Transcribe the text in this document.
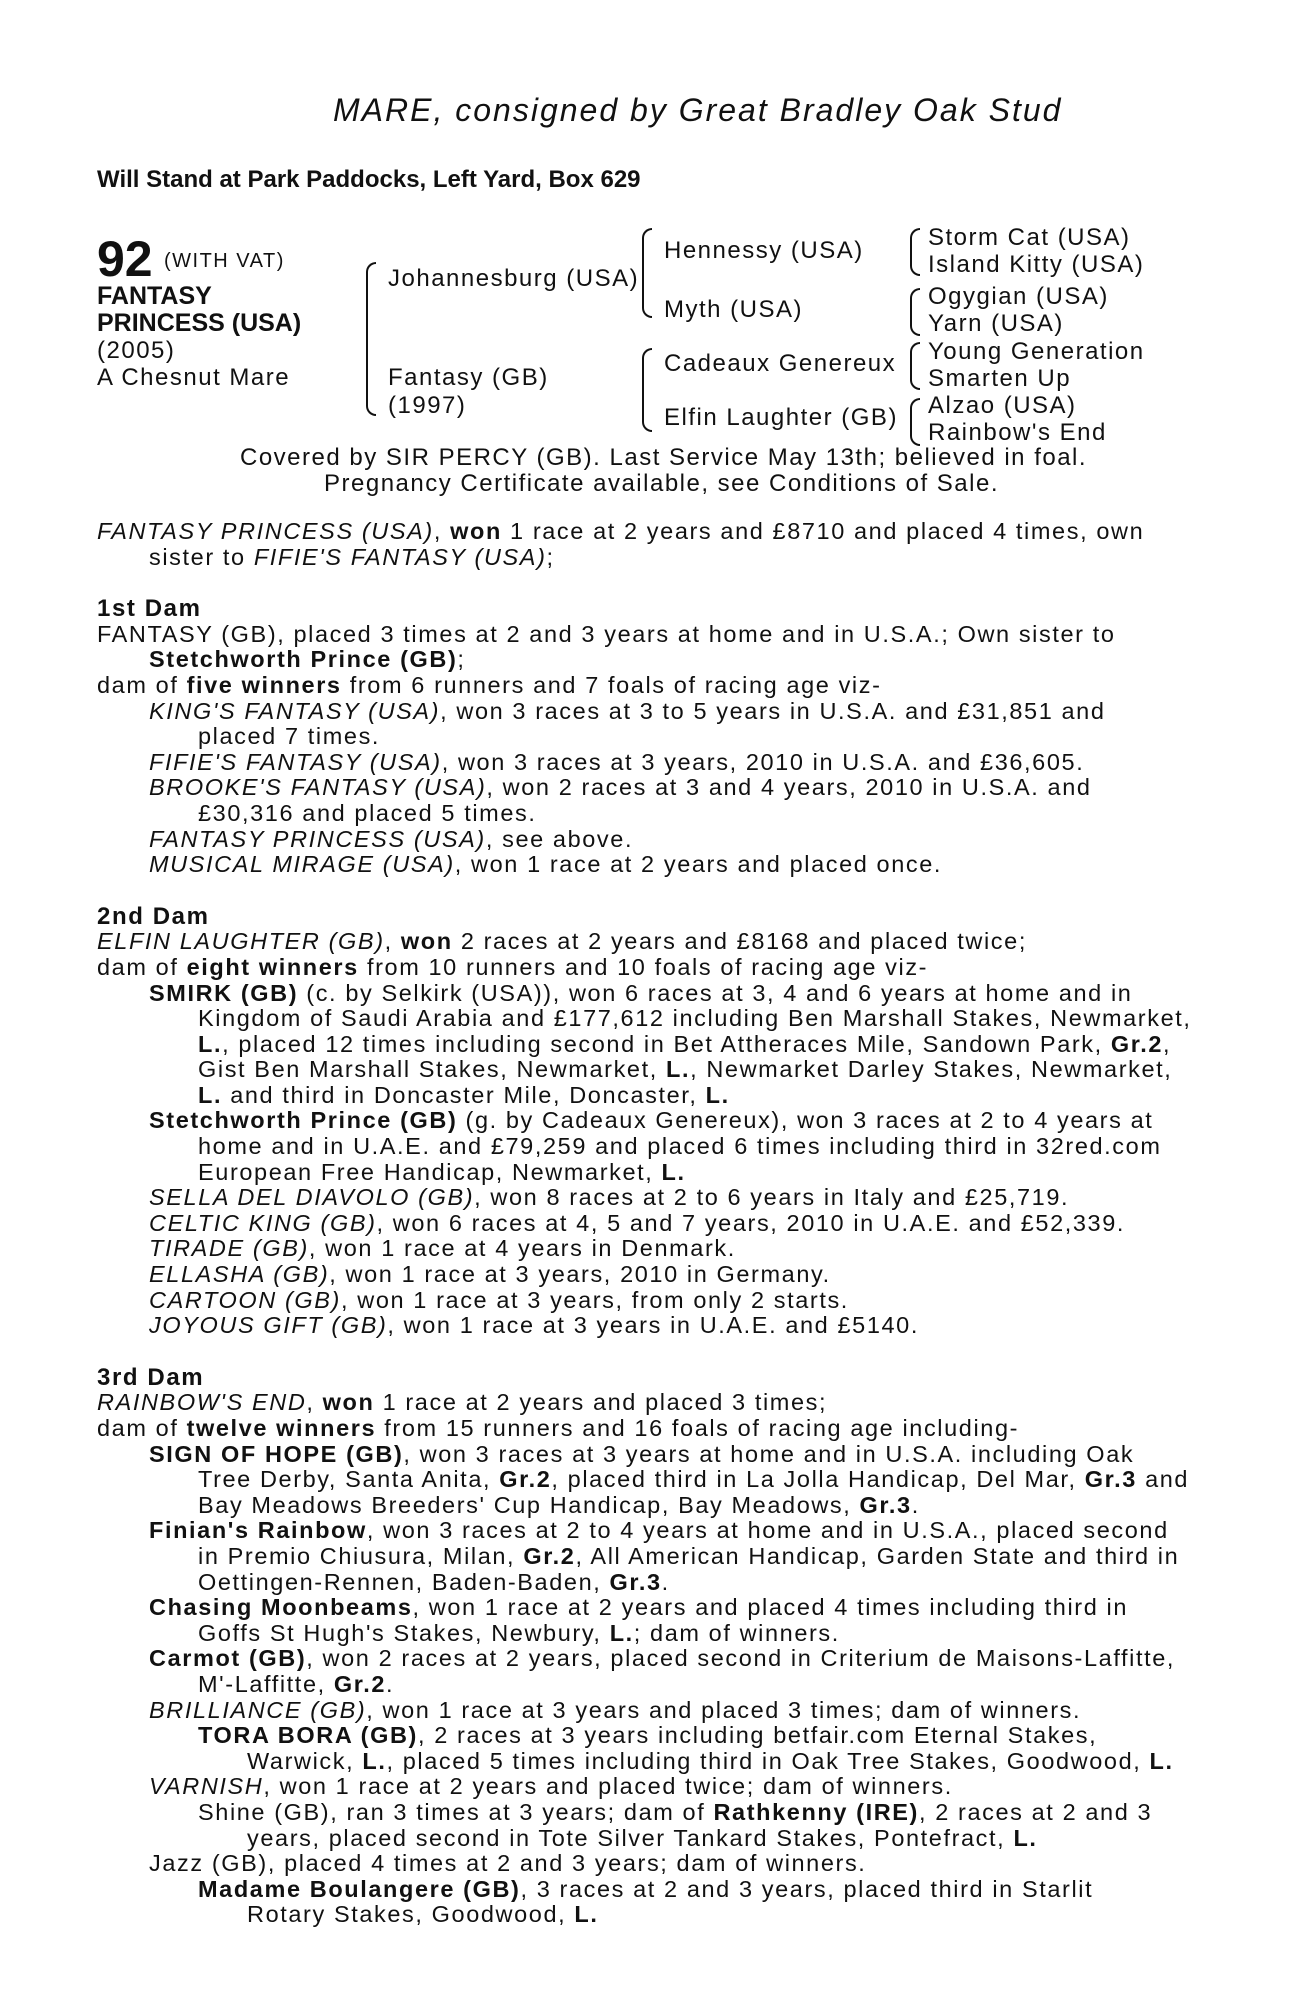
MARE, consigned by Great Bradley Oak Stud
Will Stand at Park Paddocks, Left Yard, Box 629
92 (WITH VAT)
FANTASY
PRINCESS (USA)
(2005)
A Chesnut Mare
Johannesburg (USA)
Fantasy (GB)
(1997)
Hennessy (USA)
Myth (USA)
Cadeaux Genereux
Elfin Laughter (GB)
Storm Cat (USA)
Island Kitty (USA)
Ogygian (USA)
Yarn (USA)
Young Generation
Smarten Up
Alzao (USA)
Rainbow's End
Covered by SIR PERCY (GB). Last Service May 13th; believed in foal.
Pregnancy Certificate available, see Conditions of Sale.
FANTASY PRINCESS (USA), won 1 race at 2 years and £8710 and placed 4 times, own
sister to FIFIE'S FANTASY (USA);
1st Dam
FANTASY (GB), placed 3 times at 2 and 3 years at home and in U.S.A.; Own sister to
Stetchworth Prince (GB);
dam of five winners from 6 runners and 7 foals of racing age viz-
KING'S FANTASY (USA), won 3 races at 3 to 5 years in U.S.A. and £31,851 and
placed 7 times.
FIFIE'S FANTASY (USA), won 3 races at 3 years, 2010 in U.S.A. and £36,605.
BROOKE'S FANTASY (USA), won 2 races at 3 and 4 years, 2010 in U.S.A. and
£30,316 and placed 5 times.
FANTASY PRINCESS (USA), see above.
MUSICAL MIRAGE (USA), won 1 race at 2 years and placed once.
2nd Dam
ELFIN LAUGHTER (GB), won 2 races at 2 years and £8168 and placed twice;
dam of eight winners from 10 runners and 10 foals of racing age viz-
SMIRK (GB) (c. by Selkirk (USA)), won 6 races at 3, 4 and 6 years at home and in
Kingdom of Saudi Arabia and £177,612 including Ben Marshall Stakes, Newmarket,
L., placed 12 times including second in Bet Attheraces Mile, Sandown Park, Gr.2,
Gist Ben Marshall Stakes, Newmarket, L., Newmarket Darley Stakes, Newmarket,
L. and third in Doncaster Mile, Doncaster, L.
Stetchworth Prince (GB) (g. by Cadeaux Genereux), won 3 races at 2 to 4 years at
home and in U.A.E. and £79,259 and placed 6 times including third in 32red.com
European Free Handicap, Newmarket, L.
SELLA DEL DIAVOLO (GB), won 8 races at 2 to 6 years in Italy and £25,719.
CELTIC KING (GB), won 6 races at 4, 5 and 7 years, 2010 in U.A.E. and £52,339.
TIRADE (GB), won 1 race at 4 years in Denmark.
ELLASHA (GB), won 1 race at 3 years, 2010 in Germany.
CARTOON (GB), won 1 race at 3 years, from only 2 starts.
JOYOUS GIFT (GB), won 1 race at 3 years in U.A.E. and £5140.
3rd Dam
RAINBOW'S END, won 1 race at 2 years and placed 3 times;
dam of twelve winners from 15 runners and 16 foals of racing age including-
SIGN OF HOPE (GB), won 3 races at 3 years at home and in U.S.A. including Oak
Tree Derby, Santa Anita, Gr.2, placed third in La Jolla Handicap, Del Mar, Gr.3 and
Bay Meadows Breeders' Cup Handicap, Bay Meadows, Gr.3.
Finian's Rainbow, won 3 races at 2 to 4 years at home and in U.S.A., placed second
in Premio Chiusura, Milan, Gr.2, All American Handicap, Garden State and third in
Oettingen-Rennen, Baden-Baden, Gr.3.
Chasing Moonbeams, won 1 race at 2 years and placed 4 times including third in
Goffs St Hugh's Stakes, Newbury, L.; dam of winners.
Carmot (GB), won 2 races at 2 years, placed second in Criterium de Maisons-Laffitte,
M'-Laffitte, Gr.2.
BRILLIANCE (GB), won 1 race at 3 years and placed 3 times; dam of winners.
TORA BORA (GB), 2 races at 3 years including betfair.com Eternal Stakes,
Warwick, L., placed 5 times including third in Oak Tree Stakes, Goodwood, L.
VARNISH, won 1 race at 2 years and placed twice; dam of winners.
Shine (GB), ran 3 times at 3 years; dam of Rathkenny (IRE), 2 races at 2 and 3
years, placed second in Tote Silver Tankard Stakes, Pontefract, L.
Jazz (GB), placed 4 times at 2 and 3 years; dam of winners.
Madame Boulangere (GB), 3 races at 2 and 3 years, placed third in Starlit
Rotary Stakes, Goodwood, L.
